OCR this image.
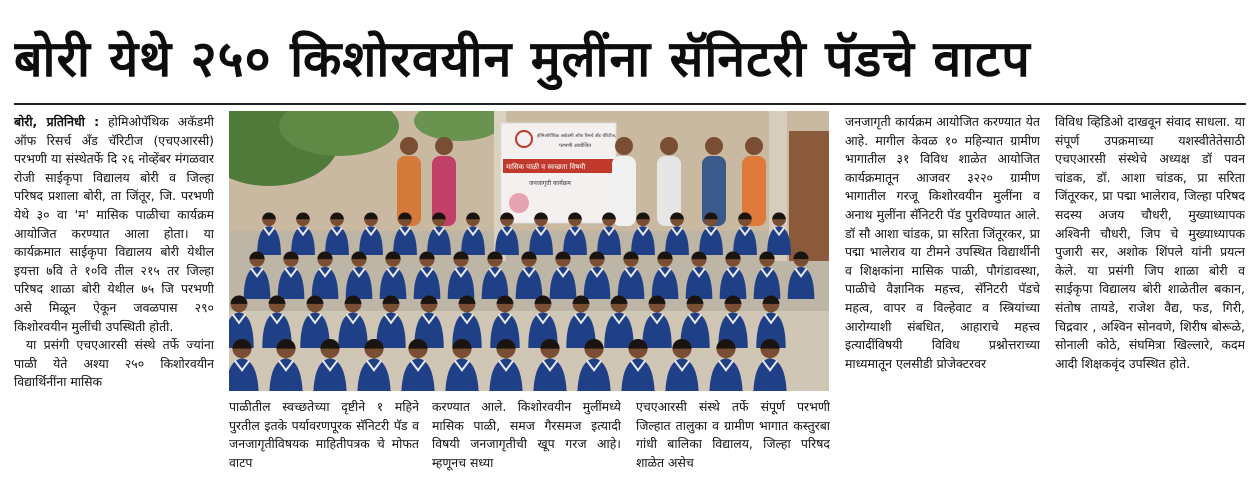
बोरी येथे २५० किशोरवयीन मुलींना सॅनिटरी पॅडचे वाटप

बोरी, प्रतिनिधी : होमिओपॅथिक अकॅडमी ऑफ रिसर्च अँड चॅरिटीज (एचएआरसी) परभणी या संस्थेतर्फे दि २६ नोव्हेंबर मंगळवार रोजी साईकृपा विद्यालय बोरी व जिल्हा परिषद प्रशाला बोरी, ता जिंतूर, जि. परभणी येथे ३० वा 'म' मासिक पाळीचा कार्यक्रम आयोजित करण्यात आला होता। या कार्यक्रमात साईकृपा विद्यालय बोरी येथील इयत्ता ७वि ते १०वि तील २१५ तर जिल्हा परिषद शाळा बोरी येथील ७५ जि परभणी असे मिळून ऐकून जवळपास २९० किशोरवयीन मुलींची उपस्थिती होती.

या प्रसंगी एचएआरसी संस्थे तर्फे ज्यांना पाळी येते अश्या २५० किशोरवयीन विद्यार्थिनींना मासिक

होमिओपॅथिक अकॅडमी ऑफ रिसर्च अँड चॅरिटीज,
परभणी आयोजित
मासिक पाळी व स्वच्छता विषयी
जनजागृती कार्यक्रम

पाळीतील स्वच्छतेच्या दृष्टीने १ महिने पुरतील इतके पर्यावरणपूरक सॅनिटरी पॅड व जनजागृतीविषयक माहितीपत्रक चे मोफत वाटप

करण्यात आले. किशोरवयीन मुलींमध्ये मासिक पाळी, समज गैरसमज इत्यादी विषयी जनजागृतीची खूप गरज आहे। म्हणूनच सध्या

एचएआरसी संस्थे तर्फे संपूर्ण परभणी जिल्हात तालुका व ग्रामीण भागात कस्तुरबा गांधी बालिका विद्यालय, जिल्हा परिषद शाळेत असेच

जनजागृती कार्यक्रम आयोजित करण्यात येत आहे. मागील केवळ १० महिन्यात ग्रामीण भागातील ३१ विविध शाळेत आयोजित कार्यक्रमातून आजवर ३२२० ग्रामीण भागातील गरजू किशोरवयीन मुलींना व अनाथ मुलींना सॅनिटरी पॅड पुरविण्यात आले. डॉ सौ आशा चांडक, प्रा सरिता जिंतूरकर, प्रा पद्मा भालेराव या टीमने उपस्थित विद्यार्थीनी व शिक्षकांना मासिक पाळी, पौगंडावस्था, पाळीचे वैज्ञानिक महत्त्व, सॅनिटरी पॅडचे महत्व, वापर व विल्हेवाट व स्त्रियांच्या आरोग्याशी संबधित, आहाराचे महत्त्व इत्यादींविषयी विविध प्रश्नोत्तराच्या माध्यमातून एलसीडी प्रोजेक्टरवर

विविध व्हिडिओ दाखवून संवाद साधला. या संपूर्ण उपक्रमाच्या यशस्वीतेतेसाठी एचएआरसी संस्थेचे अध्यक्ष डॉ पवन चांडक, डॉ. आशा चांडक, प्रा सरिता जिंतूरकर, प्रा पद्मा भालेराव, जिल्हा परिषद सदस्य अजय चौधरी, मुख्याध्यापक अश्विनी चौधरी, जिप चे मुख्याध्यापक पुजारी सर, अशोक शिंपले यांनी प्रयत्न केले. या प्रसंगी जिप शाळा बोरी व साईकृपा विद्यालय बोरी शाळेतील बकान, संतोष तायडे, राजेश वैद्य, फड, गिरी, चिद्रवार , अश्विन सोनवणे, शिरीष बोरूळे, सोनाली कोठे, संघमित्रा खिल्लारे, कदम आदी शिक्षकवृंद उपस्थित होते.
